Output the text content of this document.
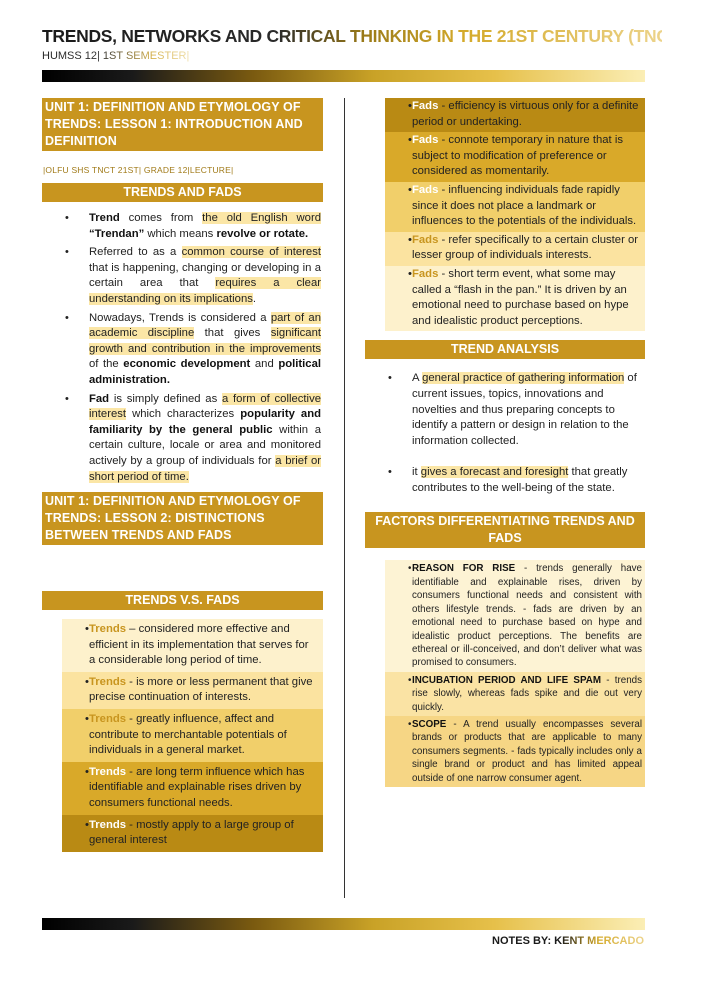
TRENDS, NETWORKS AND CRITICAL THINKING IN THE 21ST CENTURY (TNCT)
HUMSS 12| 1ST SEMESTER|
UNIT 1: DEFINITION AND ETYMOLOGY OF TRENDS: LESSON 1: INTRODUCTION AND DEFINITION
|OLFU SHS TNCT 21ST| GRADE 12|LECTURE|
TRENDS AND FADS
• Trend comes from the old English word “Trendan” which means revolve or rotate.
• Referred to as a common course of interest that is happening, changing or developing in a certain area that requires a clear understanding on its implications.
• Nowadays, Trends is considered a part of an academic discipline that gives significant growth and contribution in the improvements of the economic development and political administration.
• Fad is simply defined as a form of collective interest which characterizes popularity and familiarity by the general public within a certain culture, locale or area and monitored actively by a group of individuals for a brief or short period of time.
UNIT 1: DEFINITION AND ETYMOLOGY OF TRENDS: LESSON 2: DISTINCTIONS BETWEEN TRENDS AND FADS
TRENDS V.S. FADS
• Trends – considered more effective and efficient in its implementation that serves for a considerable long period of time.
• Trends - is more or less permanent that give precise continuation of interests.
• Trends - greatly influence, affect and contribute to merchantable potentials of individuals in a general market.
• Trends - are long term influence which has identifiable and explainable rises driven by consumers functional needs.
• Trends - mostly apply to a large group of general interest
• Fads - efficiency is virtuous only for a definite period or undertaking.
• Fads - connote temporary in nature that is subject to modification of preference or considered as momentarily.
• Fads - influencing individuals fade rapidly since it does not place a landmark or influences to the potentials of the individuals.
• Fads - refer specifically to a certain cluster or lesser group of individuals interests.
• Fads - short term event, what some may called a “flash in the pan.” It is driven by an emotional need to purchase based on hype and idealistic product perceptions.
TREND ANALYSIS
• A general practice of gathering information of current issues, topics, innovations and novelties and thus preparing concepts to identify a pattern or design in relation to the information collected.
• it gives a forecast and foresight that greatly contributes to the well-being of the state.
FACTORS DIFFERENTIATING TRENDS AND FADS
• REASON FOR RISE - trends generally have identifiable and explainable rises, driven by consumers functional needs and consistent with others lifestyle trends. - fads are driven by an emotional need to purchase based on hype and idealistic product perceptions. The benefits are ethereal or ill-conceived, and don’t deliver what was promised to consumers.
• INCUBATION PERIOD AND LIFE SPAM - trends rise slowly, whereas fads spike and die out very quickly.
• SCOPE - A trend usually encompasses several brands or products that are applicable to many consumers segments. - fads typically includes only a single brand or product and has limited appeal outside of one narrow consumer agent.
NOTES BY: KENT MERCADO
